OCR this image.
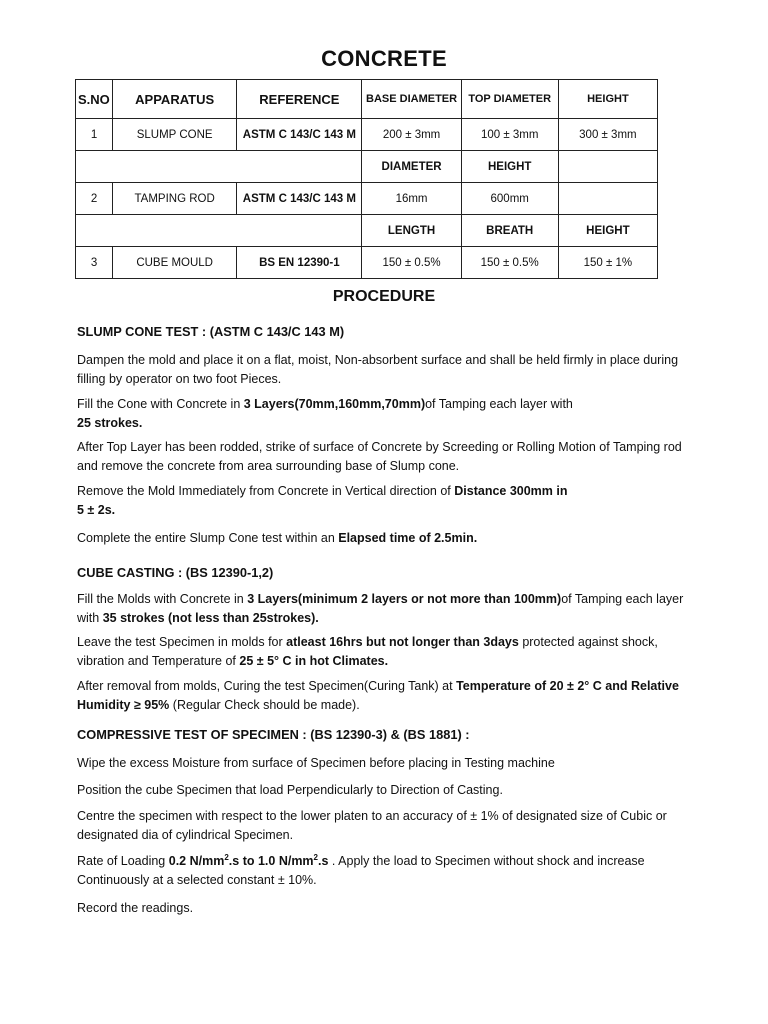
CONCRETE
S.NO	APPARATUS	REFERENCE	BASE DIAMETER	TOP DIAMETER	HEIGHT
1	SLUMP CONE	ASTM C 143/C 143 M	200 ± 3mm	100 ± 3mm	300 ± 3mm
			DIAMETER	HEIGHT	
2	TAMPING ROD	ASTM C 143/C 143 M	16mm	600mm	
			LENGTH	BREATH	HEIGHT
3	CUBE MOULD	BS EN 12390-1	150 ± 0.5%	150 ± 0.5%	150 ± 1%
PROCEDURE
SLUMP CONE TEST : (ASTM C 143/C 143 M)
Dampen the mold and place it on a flat, moist, Non-absorbent surface and shall be held firmly in place during filling by operator on two foot Pieces.
Fill the Cone with Concrete in 3 Layers(70mm,160mm,70mm)of Tamping each layer with
25 strokes.
After Top Layer has been rodded, strike of surface of Concrete by Screeding or Rolling Motion of Tamping rod and remove the concrete from area surrounding base of Slump cone.
Remove the Mold Immediately from Concrete in Vertical direction of Distance 300mm in
5 ± 2s.
Complete the entire Slump Cone test within an Elapsed time of 2.5min.
CUBE CASTING : (BS 12390-1,2)
Fill the Molds with Concrete in 3 Layers(minimum 2 layers or not more than 100mm)of Tamping each layer with 35 strokes (not less than 25strokes).
Leave the test Specimen in molds for atleast 16hrs but not longer than 3days protected against shock, vibration and Temperature of 25 ± 5° C in hot Climates.
After removal from molds, Curing the test Specimen(Curing Tank) at Temperature of 20 ± 2° C and Relative Humidity ≥ 95% (Regular Check should be made).
COMPRESSIVE TEST OF SPECIMEN : (BS 12390-3) & (BS 1881) :
Wipe the excess Moisture from surface of Specimen before placing in Testing machine
Position the cube Specimen that load Perpendicularly to Direction of Casting.
Centre the specimen with respect to the lower platen to an accuracy of ± 1% of designated size of Cubic or designated dia of cylindrical Specimen.
Rate of Loading 0.2 $N/mm^2.s$ to 1.0 $N/mm^2.s$ . Apply the load to Specimen without shock and increase Continuously at a selected constant ± 10%.
Record the readings.
